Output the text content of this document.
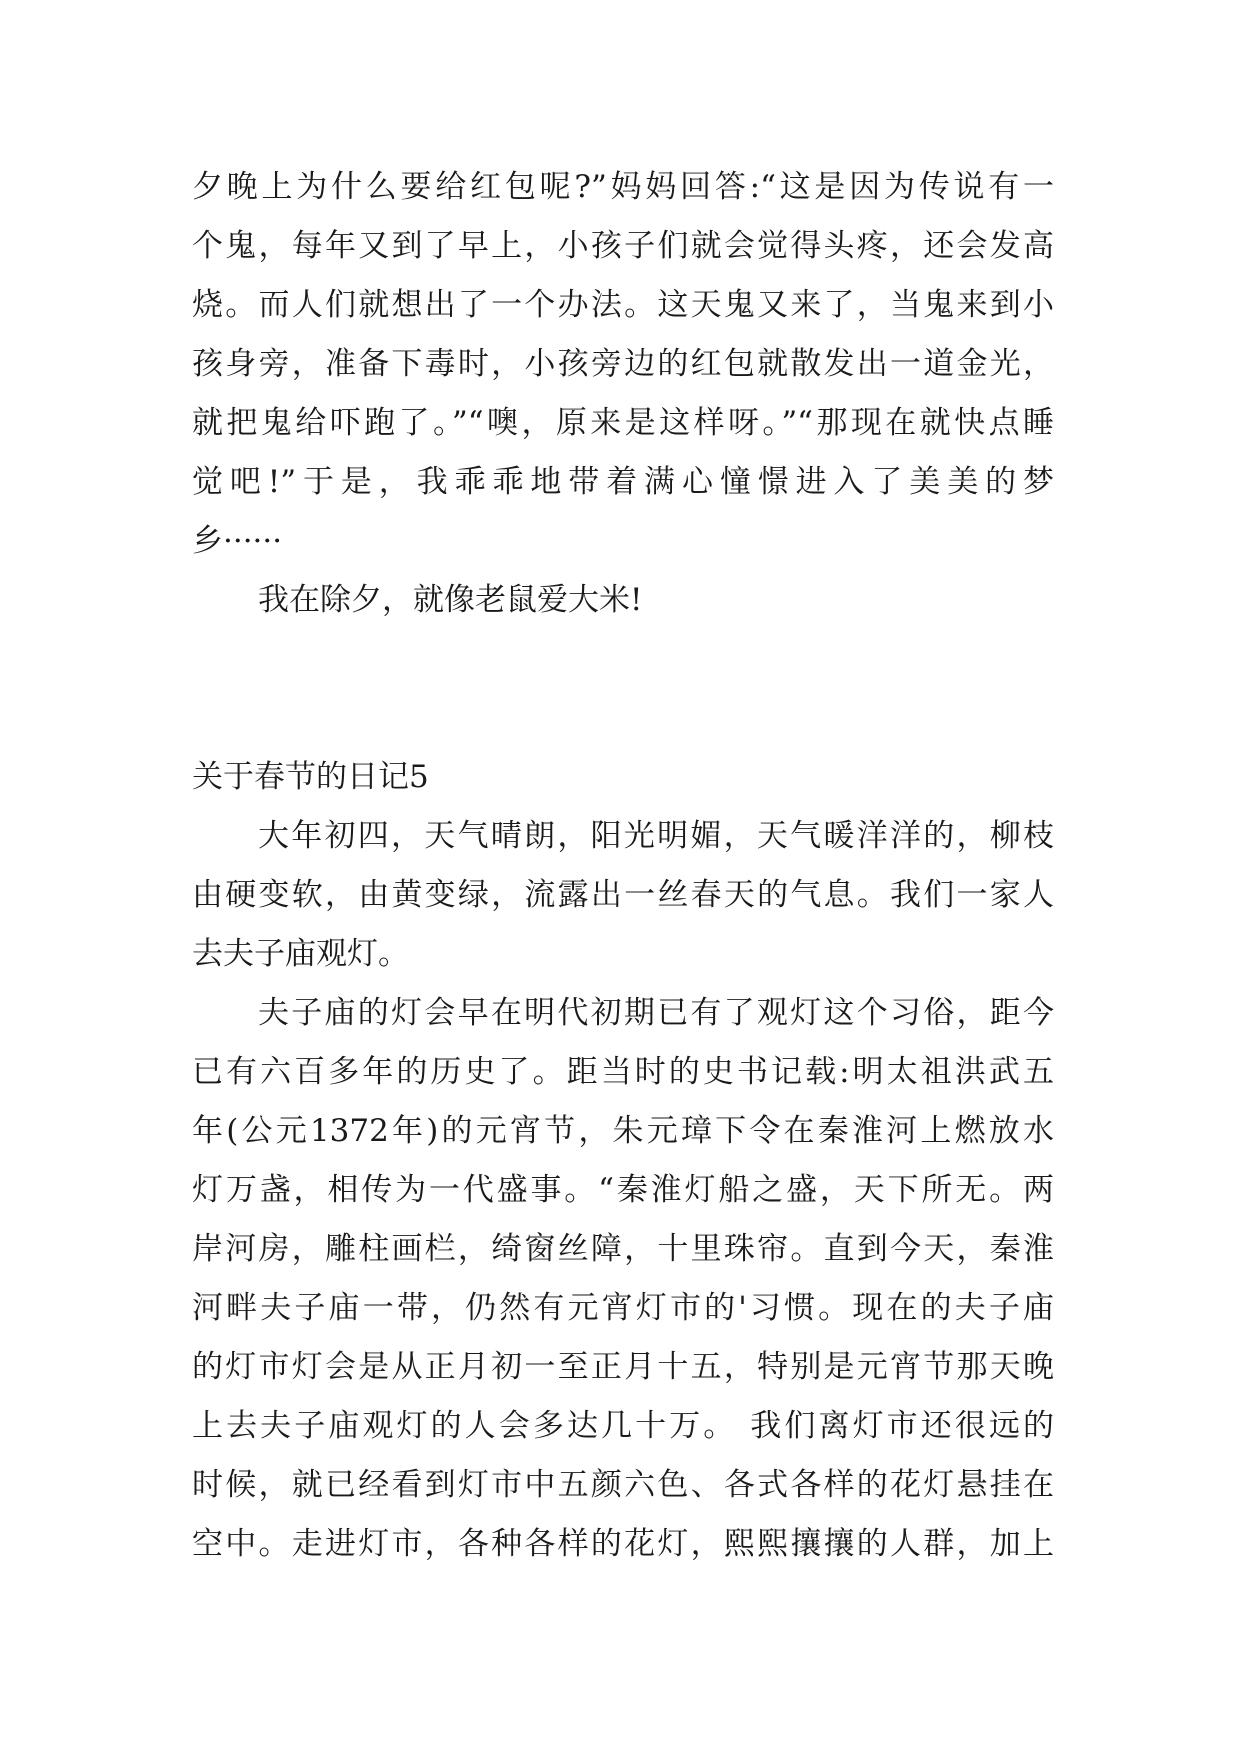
夕晚上为什么要给红包呢?”妈妈回答:“这是因为传说有一
个鬼，每年又到了早上，小孩子们就会觉得头疼，还会发高
烧。而人们就想出了一个办法。这天鬼又来了，当鬼来到小
孩身旁，准备下毒时，小孩旁边的红包就散发出一道金光，
就把鬼给吓跑了。”“噢，原来是这样呀。”“那现在就快点睡
觉吧!”于是，我乖乖地带着满心憧憬进入了美美的梦
乡······
我在除夕，就像老鼠爱大米!
关于春节的日记5
大年初四，天气晴朗，阳光明媚，天气暖洋洋的，柳枝
由硬变软，由黄变绿，流露出一丝春天的气息。我们一家人
去夫子庙观灯。
夫子庙的灯会早在明代初期已有了观灯这个习俗，距今
已有六百多年的历史了。距当时的史书记载:明太祖洪武五
年(公元1372年)的元宵节，朱元璋下令在秦淮河上燃放水
灯万盏，相传为一代盛事。“秦淮灯船之盛，天下所无。两
岸河房，雕柱画栏，绮窗丝障，十里珠帘。直到今天，秦淮
河畔夫子庙一带，仍然有元宵灯市的'习惯。现在的夫子庙
的灯市灯会是从正月初一至正月十五，特别是元宵节那天晚
上去夫子庙观灯的人会多达几十万。 我们离灯市还很远的
时候，就已经看到灯市中五颜六色、各式各样的花灯悬挂在
空中。走进灯市，各种各样的花灯，熙熙攘攘的人群，加上
